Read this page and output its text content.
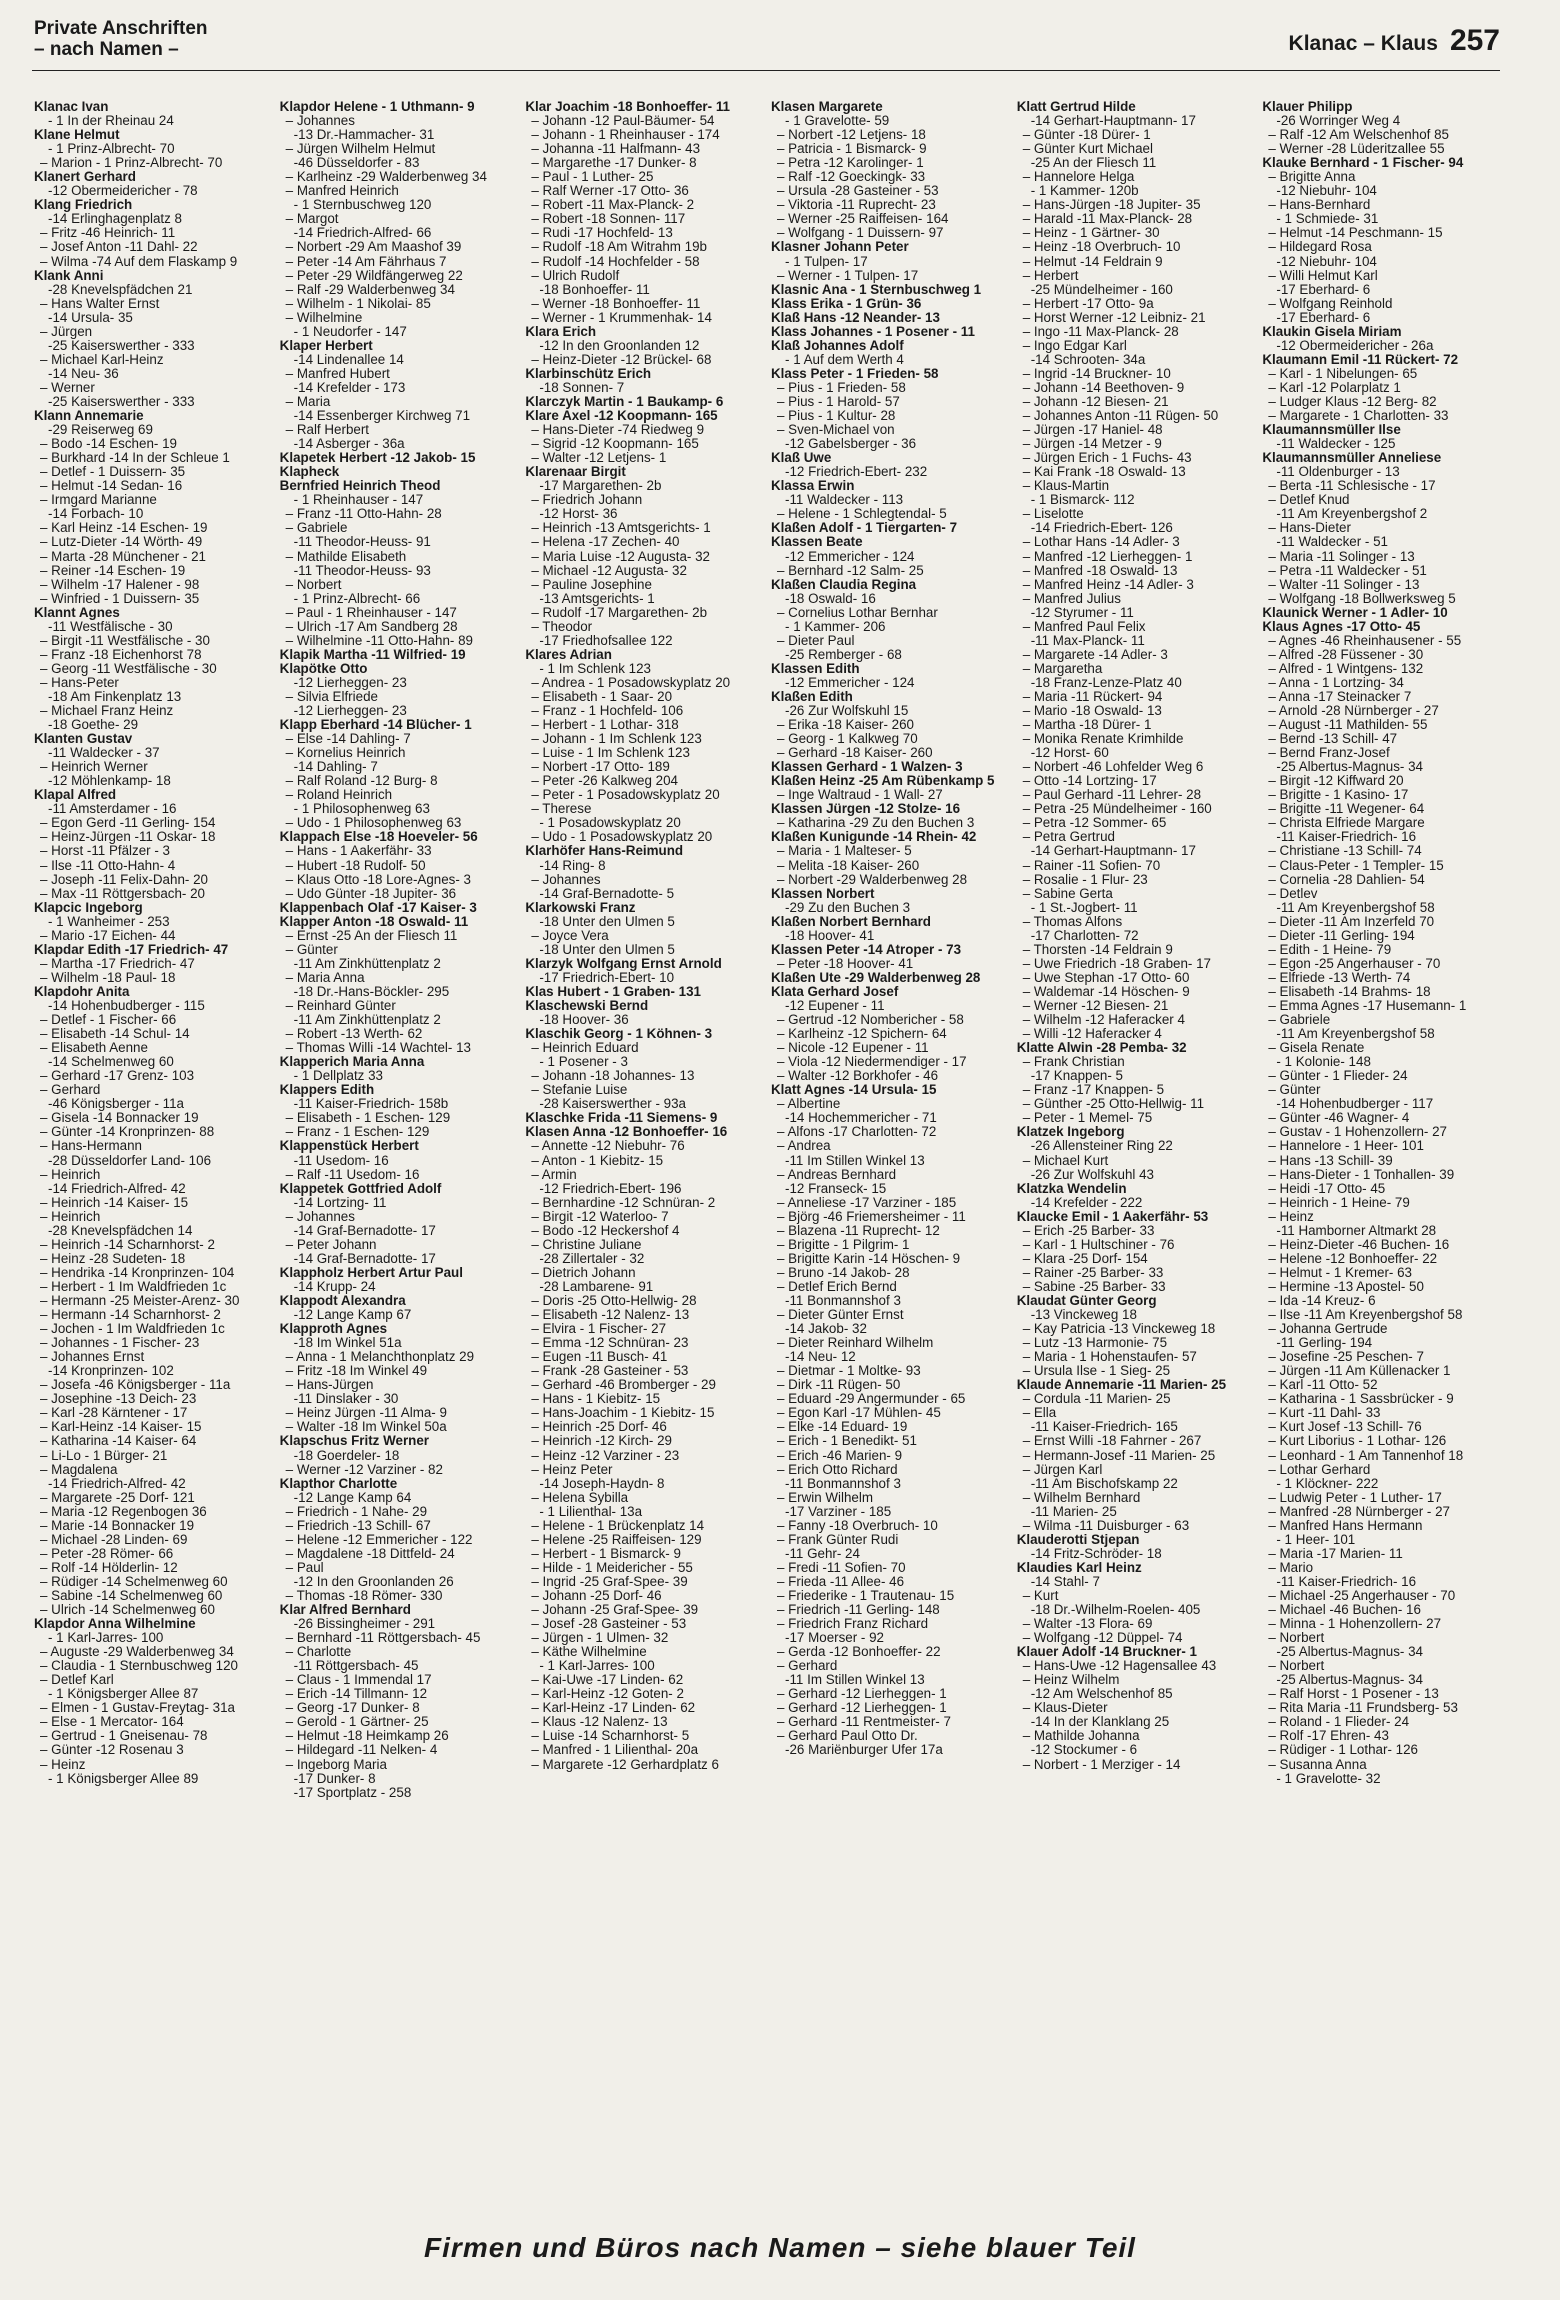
Private Anschriften
– nach Namen –	Klanac – Klaus 257
Klanac Ivan
- 1 In der Rheinau 24
Klane Helmut
- 1 Prinz-Albrecht- 70
– Marion - 1 Prinz-Albrecht- 70
Klanert Gerhard
-12 Obermeidericher - 78
Klang Friedrich
-14 Erlinghagenplatz 8
– Fritz -46 Heinrich- 11
– Josef Anton -11 Dahl- 22
– Wilma -74 Auf dem Flaskamp 9
Klank Anni
-28 Knevelspfädchen 21
– Hans Walter Ernst
-14 Ursula- 35
– Jürgen
-25 Kaiserswerther - 333
– Michael Karl-Heinz
-14 Neu- 36
– Werner
-25 Kaiserswerther - 333
Klann Annemarie
-29 Reiserweg 69
– Bodo -14 Eschen- 19
– Burkhard -14 In der Schleue 1
– Detlef - 1 Duissern- 35
– Helmut -14 Sedan- 16
– Irmgard Marianne
-14 Forbach- 10
– Karl Heinz -14 Eschen- 19
– Lutz-Dieter -14 Wörth- 49
– Marta -28 Münchener - 21
– Reiner -14 Eschen- 19
– Wilhelm -17 Halener - 98
– Winfried - 1 Duissern- 35
Klannt Agnes
-11 Westfälische - 30
– Birgit -11 Westfälische - 30
– Franz -18 Eichenhorst 78
– Georg -11 Westfälische - 30
– Hans-Peter
-18 Am Finkenplatz 13
– Michael Franz Heinz
-18 Goethe- 29
Klanten Gustav
-11 Waldecker - 37
– Heinrich Werner
-12 Möhlenkamp- 18
Klapal Alfred
-11 Amsterdamer - 16
– Egon Gerd -11 Gerling- 154
– Heinz-Jürgen -11 Oskar- 18
– Horst -11 Pfälzer - 3
– Ilse -11 Otto-Hahn- 4
– Joseph -11 Felix-Dahn- 20
– Max -11 Röttgersbach- 20
Klapcic Ingeborg
- 1 Wanheimer - 253
– Mario -17 Eichen- 44
Klapdar Edith -17 Friedrich- 47
– Martha -17 Friedrich- 47
– Wilhelm -18 Paul- 18
Klapdohr Anita
-14 Hohenbudberger - 115
– Detlef - 1 Fischer- 66
– Elisabeth -14 Schul- 14
– Elisabeth Aenne
-14 Schelmenweg 60
– Gerhard -17 Grenz- 103
– Gerhard
-46 Königsberger - 11a
– Gisela -14 Bonnacker 19
– Günter -14 Kronprinzen- 88
– Hans-Hermann
-28 Düsseldorfer Land- 106
– Heinrich
-14 Friedrich-Alfred- 42
– Heinrich -14 Kaiser- 15
– Heinrich
-28 Knevelspfädchen 14
– Heinrich -14 Scharnhorst- 2
– Heinz -28 Sudeten- 18
– Hendrika -14 Kronprinzen- 104
– Herbert - 1 Im Waldfrieden 1c
– Hermann -25 Meister-Arenz- 30
– Hermann -14 Scharnhorst- 2
– Jochen - 1 Im Waldfrieden 1c
– Johannes - 1 Fischer- 23
– Johannes Ernst
-14 Kronprinzen- 102
– Josefa -46 Königsberger - 11a
– Josephine -13 Deich- 23
– Karl -28 Kärntener - 17
– Karl-Heinz -14 Kaiser- 15
– Katharina -14 Kaiser- 64
– Li-Lo - 1 Bürger- 21
– Magdalena
-14 Friedrich-Alfred- 42
– Margarete -25 Dorf- 121
– Maria -12 Regenbogen 36
– Marie -14 Bonnacker 19
– Michael -28 Linden- 69
– Peter -28 Römer- 66
– Rolf -14 Hölderlin- 12
– Rüdiger -14 Schelmenweg 60
– Sabine -14 Schelmenweg 60
– Ulrich -14 Schelmenweg 60
Klapdor Anna Wilhelmine
- 1 Karl-Jarres- 100
– Auguste -29 Walderbenweg 34
– Claudia - 1 Sternbuschweg 120
– Detlef Karl
- 1 Königsberger Allee 87
– Elmen - 1 Gustav-Freytag- 31a
– Else - 1 Mercator- 164
– Gertrud - 1 Gneisenau- 78
– Günter -12 Rosenau 3
– Heinz
- 1 Königsberger Allee 89
Klapdor Helene - 1 Uthmann- 9
– Johannes
-13 Dr.-Hammacher- 31
– Jürgen Wilhelm Helmut
-46 Düsseldorfer - 83
– Karlheinz -29 Walderbenweg 34
– Manfred Heinrich
- 1 Sternbuschweg 120
– Margot
-14 Friedrich-Alfred- 66
– Norbert -29 Am Maashof 39
– Peter -14 Am Fährhaus 7
– Peter -29 Wildfängerweg 22
– Ralf -29 Walderbenweg 34
– Wilhelm - 1 Nikolai- 85
– Wilhelmine
- 1 Neudorfer - 147
Klaper Herbert
-14 Lindenallee 14
– Manfred Hubert
-14 Krefelder - 173
– Maria
-14 Essenberger Kirchweg 71
– Ralf Herbert
-14 Asberger - 36a
Klapetek Herbert -12 Jakob- 15
Klapheck
Bernfried Heinrich Theod
- 1 Rheinhauser - 147
– Franz -11 Otto-Hahn- 28
– Gabriele
-11 Theodor-Heuss- 91
– Mathilde Elisabeth
-11 Theodor-Heuss- 93
– Norbert
- 1 Prinz-Albrecht- 66
– Paul - 1 Rheinhauser - 147
– Ulrich -17 Am Sandberg 28
– Wilhelmine -11 Otto-Hahn- 89
Klapik Martha -11 Wilfried- 19
Klapötke Otto
-12 Lierheggen- 23
– Silvia Elfriede
-12 Lierheggen- 23
Klapp Eberhard -14 Blücher- 1
– Else -14 Dahling- 7
– Kornelius Heinrich
-14 Dahling- 7
– Ralf Roland -12 Burg- 8
– Roland Heinrich
- 1 Philosophenweg 63
– Udo - 1 Philosophenweg 63
Klappach Else -18 Hoeveler- 56
– Hans - 1 Aakerfähr- 33
– Hubert -18 Rudolf- 50
– Klaus Otto -18 Lore-Agnes- 3
– Udo Günter -18 Jupiter- 36
Klappenbach Olaf -17 Kaiser- 3
Klapper Anton -18 Oswald- 11
– Ernst -25 An der Fliesch 11
– Günter
-11 Am Zinkhüttenplatz 2
– Maria Anna
-18 Dr.-Hans-Böckler- 295
– Reinhard Günter
-11 Am Zinkhüttenplatz 2
– Robert -13 Werth- 62
– Thomas Willi -14 Wachtel- 13
Klapperich Maria Anna
- 1 Dellplatz 33
Klappers Edith
-11 Kaiser-Friedrich- 158b
– Elisabeth - 1 Eschen- 129
– Franz - 1 Eschen- 129
Klappenstück Herbert
-11 Usedom- 16
– Ralf -11 Usedom- 16
Klappetek Gottfried Adolf
-14 Lortzing- 11
– Johannes
-14 Graf-Bernadotte- 17
– Peter Johann
-14 Graf-Bernadotte- 17
Klappholz Herbert Artur Paul
-14 Krupp- 24
Klappodt Alexandra
-12 Lange Kamp 67
Klapproth Agnes
-18 Im Winkel 51a
– Anna - 1 Melanchthonplatz 29
– Fritz -18 Im Winkel 49
– Hans-Jürgen
-11 Dinslaker - 30
– Heinz Jürgen -11 Alma- 9
– Walter -18 Im Winkel 50a
Klapschus Fritz Werner
-18 Goerdeler- 18
– Werner -12 Varziner - 82
Klapthor Charlotte
-12 Lange Kamp 64
– Friedrich - 1 Nahe- 29
– Friedrich -13 Schill- 67
– Helene -12 Emmericher - 122
– Magdalene -18 Dittfeld- 24
– Paul
-12 In den Groonlanden 26
– Thomas -18 Römer- 330
Klar Alfred Bernhard
-26 Bissingheimer - 291
– Bernhard -11 Röttgersbach- 45
– Charlotte
-11 Röttgersbach- 45
– Claus - 1 Immendal 17
– Erich -14 Tillmann- 12
– Georg -17 Dunker- 8
– Gerold - 1 Gärtner- 25
– Helmut -18 Heimkamp 26
– Hildegard -11 Nelken- 4
– Ingeborg Maria
-17 Dunker- 8
-17 Sportplatz - 258
Klar Joachim -18 Bonhoeffer- 11
– Johann -12 Paul-Bäumer- 54
– Johann - 1 Rheinhauser - 174
– Johanna -11 Halfmann- 43
– Margarethe -17 Dunker- 8
– Paul - 1 Luther- 25
– Ralf Werner -17 Otto- 36
– Robert -11 Max-Planck- 2
– Robert -18 Sonnen- 117
– Rudi -17 Hochfeld- 13
– Rudolf -18 Am Witrahm 19b
– Rudolf -14 Hochfelder - 58
– Ulrich Rudolf
-18 Bonhoeffer- 11
– Werner -18 Bonhoeffer- 11
– Werner - 1 Krummenhak- 14
Klara Erich
-12 In den Groonlanden 12
– Heinz-Dieter -12 Brückel- 68
Klarbinschütz Erich
-18 Sonnen- 7
Klarczyk Martin - 1 Baukamp- 6
Klare Axel -12 Koopmann- 165
– Hans-Dieter -74 Riedweg 9
– Sigrid -12 Koopmann- 165
– Walter -12 Letjens- 1
Klarenaar Birgit
-17 Margarethen- 2b
– Friedrich Johann
-12 Horst- 36
– Heinrich -13 Amtsgerichts- 1
– Helena -17 Zechen- 40
– Maria Luise -12 Augusta- 32
– Michael -12 Augusta- 32
– Pauline Josephine
-13 Amtsgerichts- 1
– Rudolf -17 Margarethen- 2b
– Theodor
-17 Friedhofsallee 122
Klares Adrian
- 1 Im Schlenk 123
– Andrea - 1 Posadowskyplatz 20
– Elisabeth - 1 Saar- 20
– Franz - 1 Hochfeld- 106
– Herbert - 1 Lothar- 318
– Johann - 1 Im Schlenk 123
– Luise - 1 Im Schlenk 123
– Norbert -17 Otto- 189
– Peter -26 Kalkweg 204
– Peter - 1 Posadowskyplatz 20
– Therese
- 1 Posadowskyplatz 20
– Udo - 1 Posadowskyplatz 20
Klarhöfer Hans-Reimund
-14 Ring- 8
– Johannes
-14 Graf-Bernadotte- 5
Klarkowski Franz
-18 Unter den Ulmen 5
– Joyce Vera
-18 Unter den Ulmen 5
Klarzyk Wolfgang Ernst Arnold
-17 Friedrich-Ebert- 10
Klas Hubert - 1 Graben- 131
Klaschewski Bernd
-18 Hoover- 36
Klaschik Georg - 1 Köhnen- 3
– Heinrich Eduard
- 1 Posener - 3
– Johann -18 Johannes- 13
– Stefanie Luise
-28 Kaiserswerther - 93a
Klaschke Frida -11 Siemens- 9
Klasen Anna -12 Bonhoeffer- 16
– Annette -12 Niebuhr- 76
– Anton - 1 Kiebitz- 15
– Armin
-12 Friedrich-Ebert- 196
– Bernhardine -12 Schnüran- 2
– Birgit -12 Waterloo- 7
– Bodo -12 Heckershof 4
– Christine Juliane
-28 Zillertaler - 32
– Dietrich Johann
-28 Lambarene- 91
– Doris -25 Otto-Hellwig- 28
– Elisabeth -12 Nalenz- 13
– Elvira - 1 Fischer- 27
– Emma -12 Schnüran- 23
– Eugen -11 Busch- 41
– Frank -28 Gasteiner - 53
– Gerhard -46 Bromberger - 29
– Hans - 1 Kiebitz- 15
– Hans-Joachim - 1 Kiebitz- 15
– Heinrich -25 Dorf- 46
– Heinrich -12 Kirch- 29
– Heinz -12 Varziner - 23
– Heinz Peter
-14 Joseph-Haydn- 8
– Helena Sybilla
- 1 Lilienthal- 13a
– Helene - 1 Brückenplatz 14
– Helene -25 Raiffeisen- 129
– Herbert - 1 Bismarck- 9
– Hilde - 1 Meidericher - 55
– Ingrid -25 Graf-Spee- 39
– Johann -25 Dorf- 46
– Johann -25 Graf-Spee- 39
– Josef -28 Gasteiner - 53
– Jürgen - 1 Ulmen- 32
– Käthe Wilhelmine
- 1 Karl-Jarres- 100
– Kai-Uwe -17 Linden- 62
– Karl-Heinz -12 Goten- 2
– Karl-Heinz -17 Linden- 62
– Klaus -12 Nalenz- 13
– Luise -14 Scharnhorst- 5
– Manfred - 1 Lilienthal- 20a
– Margarete -12 Gerhardplatz 6
Klasen Margarete
- 1 Gravelotte- 59
– Norbert -12 Letjens- 18
– Patricia - 1 Bismarck- 9
– Petra -12 Karolinger- 1
– Ralf -12 Goeckingk- 33
– Ursula -28 Gasteiner - 53
– Viktoria -11 Ruprecht- 23
– Werner -25 Raiffeisen- 164
– Wolfgang - 1 Duissern- 97
Klasner Johann Peter
- 1 Tulpen- 17
– Werner - 1 Tulpen- 17
Klasnic Ana - 1 Sternbuschweg 1
Klass Erika - 1 Grün- 36
Klaß Hans -12 Neander- 13
Klass Johannes - 1 Posener - 11
Klaß Johannes Adolf
- 1 Auf dem Werth 4
Klass Peter - 1 Frieden- 58
– Pius - 1 Frieden- 58
– Pius - 1 Harold- 57
– Pius - 1 Kultur- 28
– Sven-Michael von
-12 Gabelsberger - 36
Klaß Uwe
-12 Friedrich-Ebert- 232
Klassa Erwin
-11 Waldecker - 113
– Helene - 1 Schlegtendal- 5
Klaßen Adolf - 1 Tiergarten- 7
Klassen Beate
-12 Emmericher - 124
– Bernhard -12 Salm- 25
Klaßen Claudia Regina
-18 Oswald- 16
– Cornelius Lothar Bernhar
- 1 Kammer- 206
– Dieter Paul
-25 Remberger - 68
Klassen Edith
-12 Emmericher - 124
Klaßen Edith
-26 Zur Wolfskuhl 15
– Erika -18 Kaiser- 260
– Georg - 1 Kalkweg 70
– Gerhard -18 Kaiser- 260
Klassen Gerhard - 1 Walzen- 3
Klaßen Heinz -25 Am Rübenkamp 5
– Inge Waltraud - 1 Wall- 27
Klassen Jürgen -12 Stolze- 16
– Katharina -29 Zu den Buchen 3
Klaßen Kunigunde -14 Rhein- 42
– Maria - 1 Malteser- 5
– Melita -18 Kaiser- 260
– Norbert -29 Walderbenweg 28
Klassen Norbert
-29 Zu den Buchen 3
Klaßen Norbert Bernhard
-18 Hoover- 41
Klassen Peter -14 Atroper - 73
– Peter -18 Hoover- 41
Klaßen Ute -29 Walderbenweg 28
Klata Gerhard Josef
-12 Eupener - 11
– Gertrud -12 Nombericher - 58
– Karlheinz -12 Spichern- 64
– Nicole -12 Eupener - 11
– Viola -12 Niedermendiger - 17
– Walter -12 Borkhofer - 46
Klatt Agnes -14 Ursula- 15
– Albertine
-14 Hochemmericher - 71
– Alfons -17 Charlotten- 72
– Andrea
-11 Im Stillen Winkel 13
– Andreas Bernhard
-12 Franseck- 15
– Anneliese -17 Varziner - 185
– Björg -46 Friemersheimer - 11
– Blazena -11 Ruprecht- 12
– Brigitte - 1 Pilgrim- 1
– Brigitte Karin -14 Höschen- 9
– Bruno -14 Jakob- 28
– Detlef Erich Bernd
-11 Bonmannshof 3
– Dieter Günter Ernst
-14 Jakob- 32
– Dieter Reinhard Wilhelm
-14 Neu- 12
– Dietmar - 1 Moltke- 93
– Dirk -11 Rügen- 50
– Eduard -29 Angermunder - 65
– Egon Karl -17 Mühlen- 45
– Elke -14 Eduard- 19
– Erich - 1 Benedikt- 51
– Erich -46 Marien- 9
– Erich Otto Richard
-11 Bonmannshof 3
– Erwin Wilhelm
-17 Varziner - 185
– Fanny -18 Overbruch- 10
– Frank Günter Rudi
-11 Gehr- 24
– Fredi -11 Sofien- 70
– Frieda -11 Allee- 46
– Friederike - 1 Trautenau- 15
– Friedrich -11 Gerling- 148
– Friedrich Franz Richard
-17 Moerser - 92
– Gerda -12 Bonhoeffer- 22
– Gerhard
-11 Im Stillen Winkel 13
– Gerhard -12 Lierheggen- 1
– Gerhard -12 Lierheggen- 1
– Gerhard -11 Rentmeister- 7
– Gerhard Paul Otto Dr.
-26 Mariënburger Ufer 17a
Klatt Gertrud Hilde
-14 Gerhart-Hauptmann- 17
– Günter -18 Dürer- 1
– Günter Kurt Michael
-25 An der Fliesch 11
– Hannelore Helga
- 1 Kammer- 120b
– Hans-Jürgen -18 Jupiter- 35
– Harald -11 Max-Planck- 28
– Heinz - 1 Gärtner- 30
– Heinz -18 Overbruch- 10
– Helmut -14 Feldrain 9
– Herbert
-25 Mündelheimer - 160
– Herbert -17 Otto- 9a
– Horst Werner -12 Leibniz- 21
– Ingo -11 Max-Planck- 28
– Ingo Edgar Karl
-14 Schrooten- 34a
– Ingrid -14 Bruckner- 10
– Johann -14 Beethoven- 9
– Johann -12 Biesen- 21
– Johannes Anton -11 Rügen- 50
– Jürgen -17 Haniel- 48
– Jürgen -14 Metzer - 9
– Jürgen Erich - 1 Fuchs- 43
– Kai Frank -18 Oswald- 13
– Klaus-Martin
- 1 Bismarck- 112
– Liselotte
-14 Friedrich-Ebert- 126
– Lothar Hans -14 Adler- 3
– Manfred -12 Lierheggen- 1
– Manfred -18 Oswald- 13
– Manfred Heinz -14 Adler- 3
– Manfred Julius
-12 Styrumer - 11
– Manfred Paul Felix
-11 Max-Planck- 11
– Margarete -14 Adler- 3
– Margaretha
-18 Franz-Lenze-Platz 40
– Maria -11 Rückert- 94
– Mario -18 Oswald- 13
– Martha -18 Dürer- 1
– Monika Renate Krimhilde
-12 Horst- 60
– Norbert -46 Lohfelder Weg 6
– Otto -14 Lortzing- 17
– Paul Gerhard -11 Lehrer- 28
– Petra -25 Mündelheimer - 160
– Petra -12 Sommer- 65
– Petra Gertrud
-14 Gerhart-Hauptmann- 17
– Rainer -11 Sofien- 70
– Rosalie - 1 Flur- 23
– Sabine Gerta
- 1 St.-Jogbert- 11
– Thomas Alfons
-17 Charlotten- 72
– Thorsten -14 Feldrain 9
– Uwe Friedrich -18 Graben- 17
– Uwe Stephan -17 Otto- 60
– Waldemar -14 Höschen- 9
– Werner -12 Biesen- 21
– Wilhelm -12 Haferacker 4
– Willi -12 Haferacker 4
Klatte Alwin -28 Pemba- 32
– Frank Christian
-17 Knappen- 5
– Franz -17 Knappen- 5
– Günther -25 Otto-Hellwig- 11
– Peter - 1 Memel- 75
Klatzek Ingeborg
-26 Allensteiner Ring 22
– Michael Kurt
-26 Zur Wolfskuhl 43
Klatzka Wendelin
-14 Krefelder - 222
Klaucke Emil - 1 Aakerfähr- 53
– Erich -25 Barber- 33
– Karl - 1 Hultschiner - 76
– Klara -25 Dorf- 154
– Rainer -25 Barber- 33
– Sabine -25 Barber- 33
Klaudat Günter Georg
-13 Vinckeweg 18
– Kay Patricia -13 Vinckeweg 18
– Lutz -13 Harmonie- 75
– Maria - 1 Hohenstaufen- 57
– Ursula Ilse - 1 Sieg- 25
Klaude Annemarie -11 Marien- 25
– Cordula -11 Marien- 25
– Ella
-11 Kaiser-Friedrich- 165
– Ernst Willi -18 Fahrner - 267
– Hermann-Josef -11 Marien- 25
– Jürgen Karl
-11 Am Bischofskamp 22
– Wilhelm Bernhard
-11 Marien- 25
– Wilma -11 Duisburger - 63
Klauderotti Stjepan
-14 Fritz-Schröder- 18
Klaudies Karl Heinz
-14 Stahl- 7
– Kurt
-18 Dr.-Wilhelm-Roelen- 405
– Walter -13 Flora- 69
– Wolfgang -12 Düppel- 74
Klauer Adolf -14 Bruckner- 1
– Hans-Uwe -12 Hagensallee 43
– Heinz Wilhelm
-12 Am Welschenhof 85
– Klaus-Dieter
-14 In der Klanklang 25
– Mathilde Johanna
-12 Stockumer - 6
– Norbert - 1 Merziger - 14
Klauer Philipp
-26 Worringer Weg 4
– Ralf -12 Am Welschenhof 85
– Werner -28 Lüderitzallee 55
Klauke Bernhard - 1 Fischer- 94
– Brigitte Anna
-12 Niebuhr- 104
– Hans-Bernhard
- 1 Schmiede- 31
– Helmut -14 Peschmann- 15
– Hildegard Rosa
-12 Niebuhr- 104
– Willi Helmut Karl
-17 Eberhard- 6
– Wolfgang Reinhold
-17 Eberhard- 6
Klaukin Gisela Miriam
-12 Obermeidericher - 26a
Klaumann Emil -11 Rückert- 72
– Karl - 1 Nibelungen- 65
– Karl -12 Polarplatz 1
– Ludger Klaus -12 Berg- 82
– Margarete - 1 Charlotten- 33
Klaumannsmüller Ilse
-11 Waldecker - 125
Klaumannsmüller Anneliese
-11 Oldenburger - 13
– Berta -11 Schlesische - 17
– Detlef Knud
-11 Am Kreyenbergshof 2
– Hans-Dieter
-11 Waldecker - 51
– Maria -11 Solinger - 13
– Petra -11 Waldecker - 51
– Walter -11 Solinger - 13
– Wolfgang -18 Bollwerksweg 5
Klaunick Werner - 1 Adler- 10
Klaus Agnes -17 Otto- 45
– Agnes -46 Rheinhausener - 55
– Alfred -28 Füssener - 30
– Alfred - 1 Wintgens- 132
– Anna - 1 Lortzing- 34
– Anna -17 Steinacker 7
– Arnold -28 Nürnberger - 27
– August -11 Mathilden- 55
– Bernd -13 Schill- 47
– Bernd Franz-Josef
-25 Albertus-Magnus- 34
– Birgit -12 Kiffward 20
– Brigitte - 1 Kasino- 17
– Brigitte -11 Wegener- 64
– Christa Elfriede Margare
-11 Kaiser-Friedrich- 16
– Christiane -13 Schill- 74
– Claus-Peter - 1 Templer- 15
– Cornelia -28 Dahlien- 54
– Detlev
-11 Am Kreyenbergshof 58
– Dieter -11 Am Inzerfeld 70
– Dieter -11 Gerling- 194
– Edith - 1 Heine- 79
– Egon -25 Angerhauser - 70
– Elfriede -13 Werth- 74
– Elisabeth -14 Brahms- 18
– Emma Agnes -17 Husemann- 1
– Gabriele
-11 Am Kreyenbergshof 58
– Gisela Renate
- 1 Kolonie- 148
– Günter - 1 Flieder- 24
– Günter
-14 Hohenbudberger - 117
– Günter -46 Wagner- 4
– Gustav - 1 Hohenzollern- 27
– Hannelore - 1 Heer- 101
– Hans -13 Schill- 39
– Hans-Dieter - 1 Tonhallen- 39
– Heidi -17 Otto- 45
– Heinrich - 1 Heine- 79
– Heinz
-11 Hamborner Altmarkt 28
– Heinz-Dieter -46 Buchen- 16
– Helene -12 Bonhoeffer- 22
– Helmut - 1 Kremer- 63
– Hermine -13 Apostel- 50
– Ida -14 Kreuz- 6
– Ilse -11 Am Kreyenbergshof 58
– Johanna Gertrude
-11 Gerling- 194
– Josefine -25 Peschen- 7
– Jürgen -11 Am Küllenacker 1
– Karl -11 Otto- 52
– Katharina - 1 Sassbrücker - 9
– Kurt -11 Dahl- 33
– Kurt Josef -13 Schill- 76
– Kurt Liborius - 1 Lothar- 126
– Leonhard - 1 Am Tannenhof 18
– Lothar Gerhard
- 1 Klöckner- 222
– Ludwig Peter - 1 Luther- 17
– Manfred -28 Nürnberger - 27
– Manfred Hans Hermann
- 1 Heer- 101
– Maria -17 Marien- 11
– Mario
-11 Kaiser-Friedrich- 16
– Michael -25 Angerhauser - 70
– Michael -46 Buchen- 16
– Minna - 1 Hohenzollern- 27
– Norbert
-25 Albertus-Magnus- 34
– Norbert
-25 Albertus-Magnus- 34
– Ralf Horst - 1 Posener - 13
– Rita Maria -11 Frundsberg- 53
– Roland - 1 Flieder- 24
– Rolf -17 Ehren- 43
– Rüdiger - 1 Lothar- 126
– Susanna Anna
- 1 Gravelotte- 32
Firmen und Büros nach Namen – siehe blauer Teil
